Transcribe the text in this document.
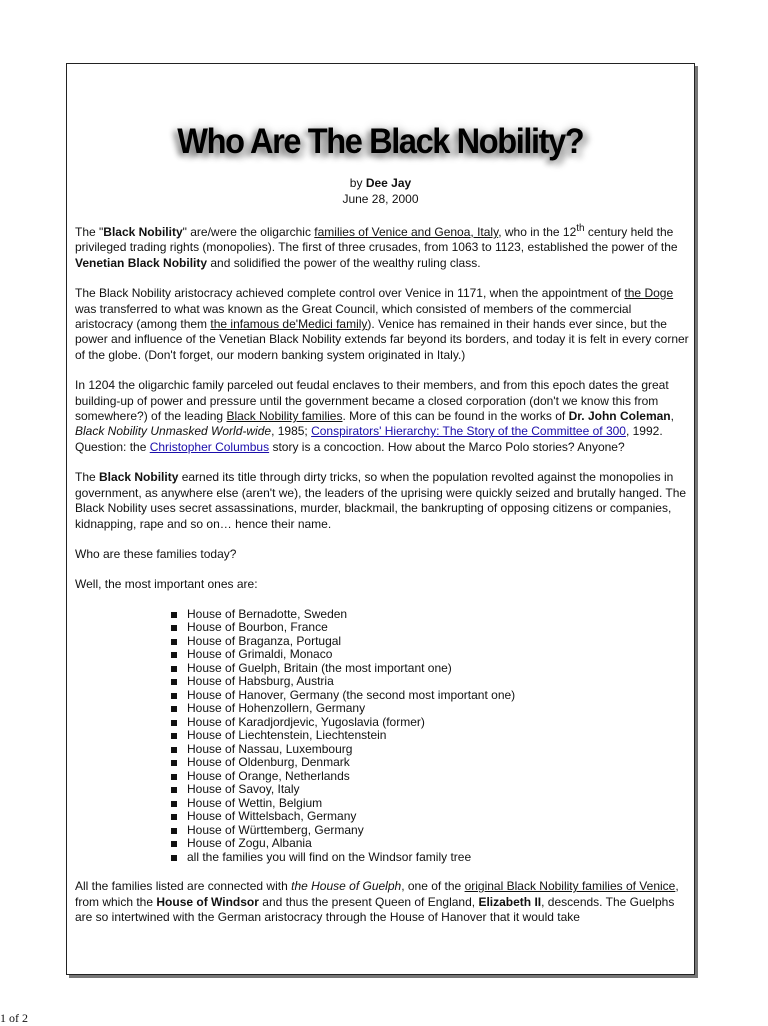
Who Are The Black Nobility?
by Dee Jay
June 28, 2000

The "Black Nobility" are/were the oligarchic families of Venice and Genoa, Italy, who in the 12th century held the privileged trading rights (monopolies). The first of three crusades, from 1063 to 1123, established the power of the Venetian Black Nobility and solidified the power of the wealthy ruling class.

The Black Nobility aristocracy achieved complete control over Venice in 1171, when the appointment of the Doge was transferred to what was known as the Great Council, which consisted of members of the commercial aristocracy (among them the infamous de'Medici family). Venice has remained in their hands ever since, but the power and influence of the Venetian Black Nobility extends far beyond its borders, and today it is felt in every corner of the globe. (Don't forget, our modern banking system originated in Italy.)

In 1204 the oligarchic family parceled out feudal enclaves to their members, and from this epoch dates the great building-up of power and pressure until the government became a closed corporation (don't we know this from somewhere?) of the leading Black Nobility families. More of this can be found in the works of Dr. John Coleman, Black Nobility Unmasked World-wide, 1985; Conspirators' Hierarchy: The Story of the Committee of 300, 1992. Question: the Christopher Columbus story is a concoction. How about the Marco Polo stories? Anyone?

The Black Nobility earned its title through dirty tricks, so when the population revolted against the monopolies in government, as anywhere else (aren't we), the leaders of the uprising were quickly seized and brutally hanged. The Black Nobility uses secret assassinations, murder, blackmail, the bankrupting of opposing citizens or companies, kidnapping, rape and so on… hence their name.

Who are these families today?

Well, the most important ones are:

House of Bernadotte, Sweden
House of Bourbon, France
House of Braganza, Portugal
House of Grimaldi, Monaco
House of Guelph, Britain (the most important one)
House of Habsburg, Austria
House of Hanover, Germany (the second most important one)
House of Hohenzollern, Germany
House of Karadjordjevic, Yugoslavia (former)
House of Liechtenstein, Liechtenstein
House of Nassau, Luxembourg
House of Oldenburg, Denmark
House of Orange, Netherlands
House of Savoy, Italy
House of Wettin, Belgium
House of Wittelsbach, Germany
House of Württemberg, Germany
House of Zogu, Albania
all the families you will find on the Windsor family tree

All the families listed are connected with the House of Guelph, one of the original Black Nobility families of Venice, from which the House of Windsor and thus the present Queen of England, Elizabeth II, descends. The Guelphs are so intertwined with the German aristocracy through the House of Hanover that it would take

1 of 2
